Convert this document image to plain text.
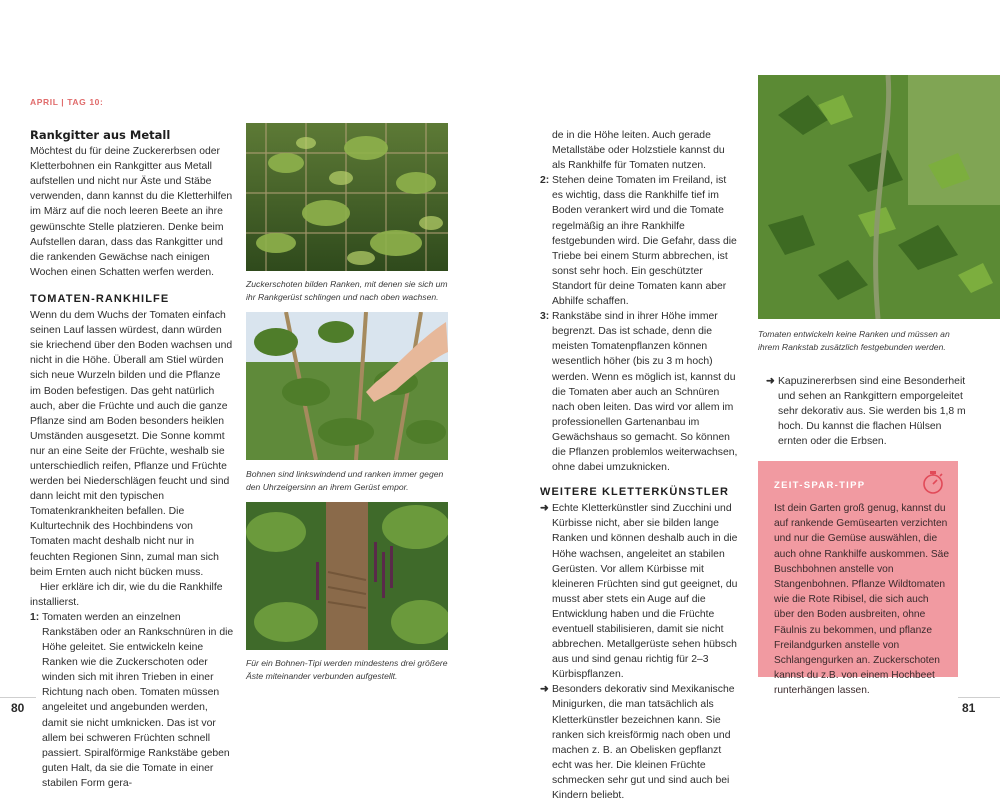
APRIL | TAG 10:
Rankgitter aus Metall

Möchtest du für deine Zuckererbsen oder Kletterbohnen ein Rankgitter aus Metall aufstellen und nicht nur Äste und Stäbe verwenden, dann kannst du die Kletterhilfen im März auf die noch leeren Beete an ihre gewünschte Stelle platzieren. Denke beim Aufstellen daran, dass das Rankgitter und die rankenden Gewächse nach einigen Wochen einen Schatten werfen werden.

TOMATEN-RANKHILFE

Wenn du dem Wuchs der Tomaten einfach seinen Lauf lassen würdest, dann würden sie kriechend über den Boden wachsen und nicht in die Höhe. Überall am Stiel würden sich neue Wurzeln bilden und die Pflanze im Boden befestigen. Das geht natürlich auch, aber die Früchte und auch die ganze Pflanze sind am Boden besonders heiklen Umständen ausgesetzt. Die Sonne kommt nur an eine Seite der Früchte, weshalb sie unterschiedlich reifen, Pflanze und Früchte werden bei Niederschlägen feucht und sind dann leicht mit den typischen Tomatenkrankheiten befallen. Die Kulturtechnik des Hochbindens von Tomaten macht deshalb nicht nur in feuchten Regionen Sinn, zumal man sich beim Ernten auch nicht bücken muss.

Hier erkläre ich dir, wie du die Rankhilfe installierst.

1: Tomaten werden an einzelnen Rankstäben oder an Rankschnüren in die Höhe geleitet. Sie entwickeln keine Ranken wie die Zuckerschoten oder winden sich mit ihren Trieben in einer Richtung nach oben. Tomaten müssen angeleitet und angebunden werden, damit sie nicht umknicken. Das ist vor allem bei schweren Früchten schnell passiert. Spiralförmige Rankstäbe geben guten Halt, da sie die Tomate in einer stabilen Form gera-
Zuckerschoten bilden Ranken, mit denen sie sich um ihr Rankgerüst schlingen und nach oben wachsen.
Bohnen sind linkswindend und ranken immer gegen den Uhrzeigersinn an ihrem Gerüst empor.
Für ein Bohnen-Tipi werden mindestens drei größere Äste miteinander verbunden aufgestellt.
80

de in die Höhe leiten. Auch gerade Metallstäbe oder Holzstiele kannst du als Rankhilfe für Tomaten nutzen.

2: Stehen deine Tomaten im Freiland, ist es wichtig, dass die Rankhilfe tief im Boden verankert wird und die Tomate regelmäßig an ihre Rankhilfe festgebunden wird. Die Gefahr, dass die Triebe bei einem Sturm abbrechen, ist sonst sehr hoch. Ein geschützter Standort für deine Tomaten kann aber Abhilfe schaffen.
3: Rankstäbe sind in ihrer Höhe immer begrenzt. Das ist schade, denn die meisten Tomatenpflanzen können wesentlich höher (bis zu 3 m hoch) werden. Wenn es möglich ist, kannst du die Tomaten aber auch an Schnüren nach oben leiten. Das wird vor allem im professionellen Gartenanbau im Gewächshaus so gemacht. So können die Pflanzen problemlos weiterwachsen, ohne dabei umzuknicken.
WEITERE KLETTERKÜNSTLER
➜ Echte Kletterkünstler sind Zucchini und Kürbisse nicht, aber sie bilden lange Ranken und können deshalb auch in die Höhe wachsen, angeleitet an stabilen Gerüsten. Vor allem Kürbisse mit kleineren Früchten sind gut geeignet, du musst aber stets ein Auge auf die Entwicklung haben und die Früchte eventuell stabilisieren, damit sie nicht abbrechen. Metallgerüste sehen hübsch aus und sind genau richtig für 2–3 Kürbispflanzen.
➜ Besonders dekorativ sind Mexikanische Minigurken, die man tatsächlich als Kletterkünstler bezeichnen kann. Sie ranken sich kreisförmig nach oben und machen z. B. an Obelisken gepflanzt echt was her. Die kleinen Früchte schmecken sehr gut und sind auch bei Kindern beliebt.
Tomaten entwickeln keine Ranken und müssen an ihrem Rankstab zusätzlich festgebunden werden.
➜ Kapuzinererbsen sind eine Besonderheit und sehen an Rankgittern emporgeleitet sehr dekorativ aus. Sie werden bis 1,8 m hoch. Du kannst die flachen Hülsen ernten oder die Erbsen.
ZEIT-SPAR-TIPP
Ist dein Garten groß genug, kannst du auf rankende Gemüsearten verzichten und nur die Gemüse auswählen, die auch ohne Rankhilfe auskommen. Säe Buschbohnen anstelle von Stangenbohnen. Pflanze Wildtomaten wie die Rote Ribisel, die sich auch über den Boden ausbreiten, ohne Fäulnis zu bekommen, und pflanze Freilandgurken anstelle von Schlangengurken an. Zuckerschoten kannst du z.B. von einem Hochbeet runterhängen lassen.
81
